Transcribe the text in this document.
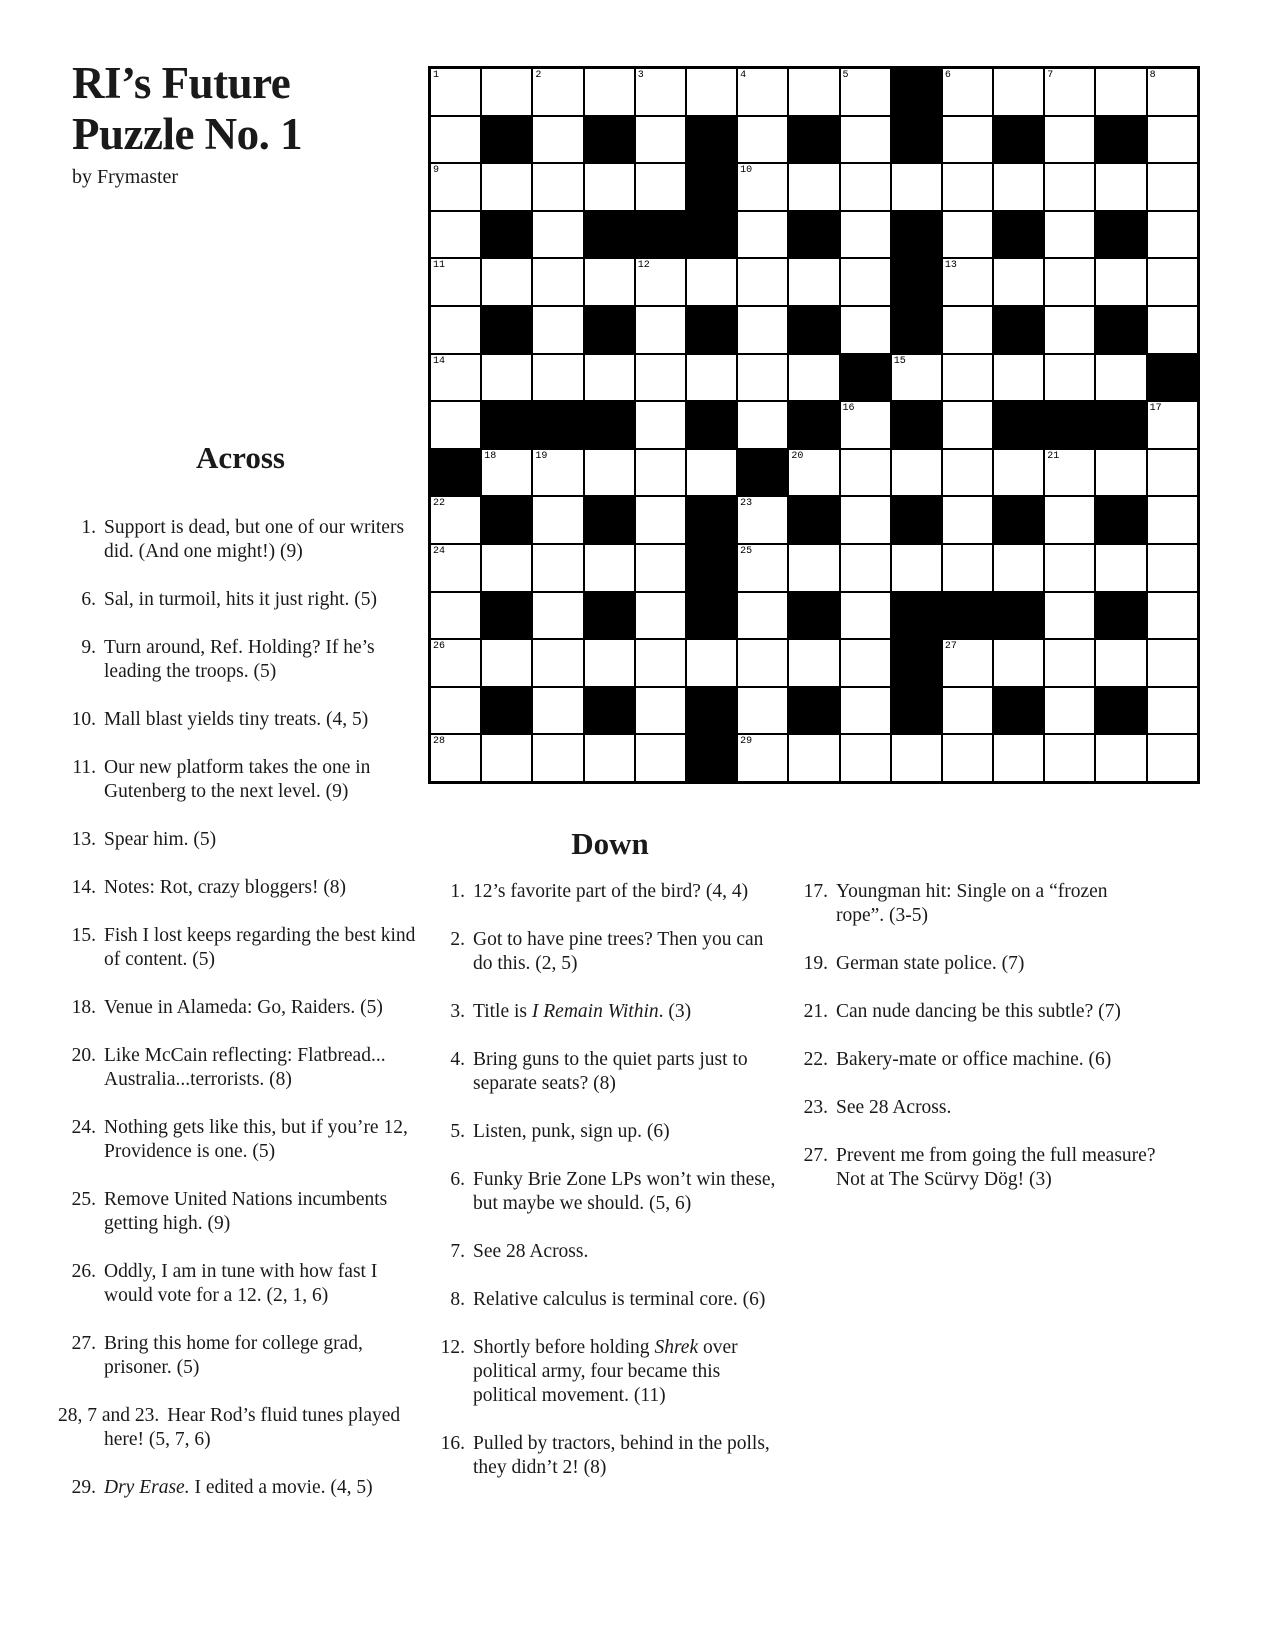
RI’s Future
Puzzle No. 1
by Frymaster
1	2	3	4	5	6	7	8
9	10
11	12	13
14	15
16	17
18	19	20	21
22	23
24	25
26	27
28	29
Across
1. Support is dead, but one of our writers did. (And one might!) (9)
6. Sal, in turmoil, hits it just right. (5)
9. Turn around, Ref. Holding? If he’s leading the troops. (5)
10. Mall blast yields tiny treats. (4, 5)
11. Our new platform takes the one in Gutenberg to the next level. (9)
13. Spear him. (5)
14. Notes: Rot, crazy bloggers! (8)
15. Fish I lost keeps regarding the best kind of content. (5)
18. Venue in Alameda: Go, Raiders. (5)
20. Like McCain reflecting: Flatbread... Australia...terrorists. (8)
24. Nothing gets like this, but if you’re 12, Providence is one. (5)
25. Remove United Nations incumbents getting high. (9)
26. Oddly, I am in tune with how fast I would vote for a 12. (2, 1, 6)
27. Bring this home for college grad, prisoner. (5)
28, 7 and 23. Hear Rod’s fluid tunes played here! (5, 7, 6)
29. Dry Erase. I edited a movie. (4, 5)
Down
1. 12’s favorite part of the bird? (4, 4)
2. Got to have pine trees? Then you can do this. (2, 5)
3. Title is I Remain Within. (3)
4. Bring guns to the quiet parts just to separate seats? (8)
5. Listen, punk, sign up. (6)
6. Funky Brie Zone LPs won’t win these, but maybe we should. (5, 6)
7. See 28 Across.
8. Relative calculus is terminal core. (6)
12. Shortly before holding Shrek over political army, four became this political movement. (11)
16. Pulled by tractors, behind in the polls, they didn’t 2! (8)
17. Youngman hit: Single on a “frozen rope”. (3-5)
19. German state police. (7)
21. Can nude dancing be this subtle? (7)
22. Bakery-mate or office machine. (6)
23. See 28 Across.
27. Prevent me from going the full measure? Not at The Scürvy Dög! (3)
